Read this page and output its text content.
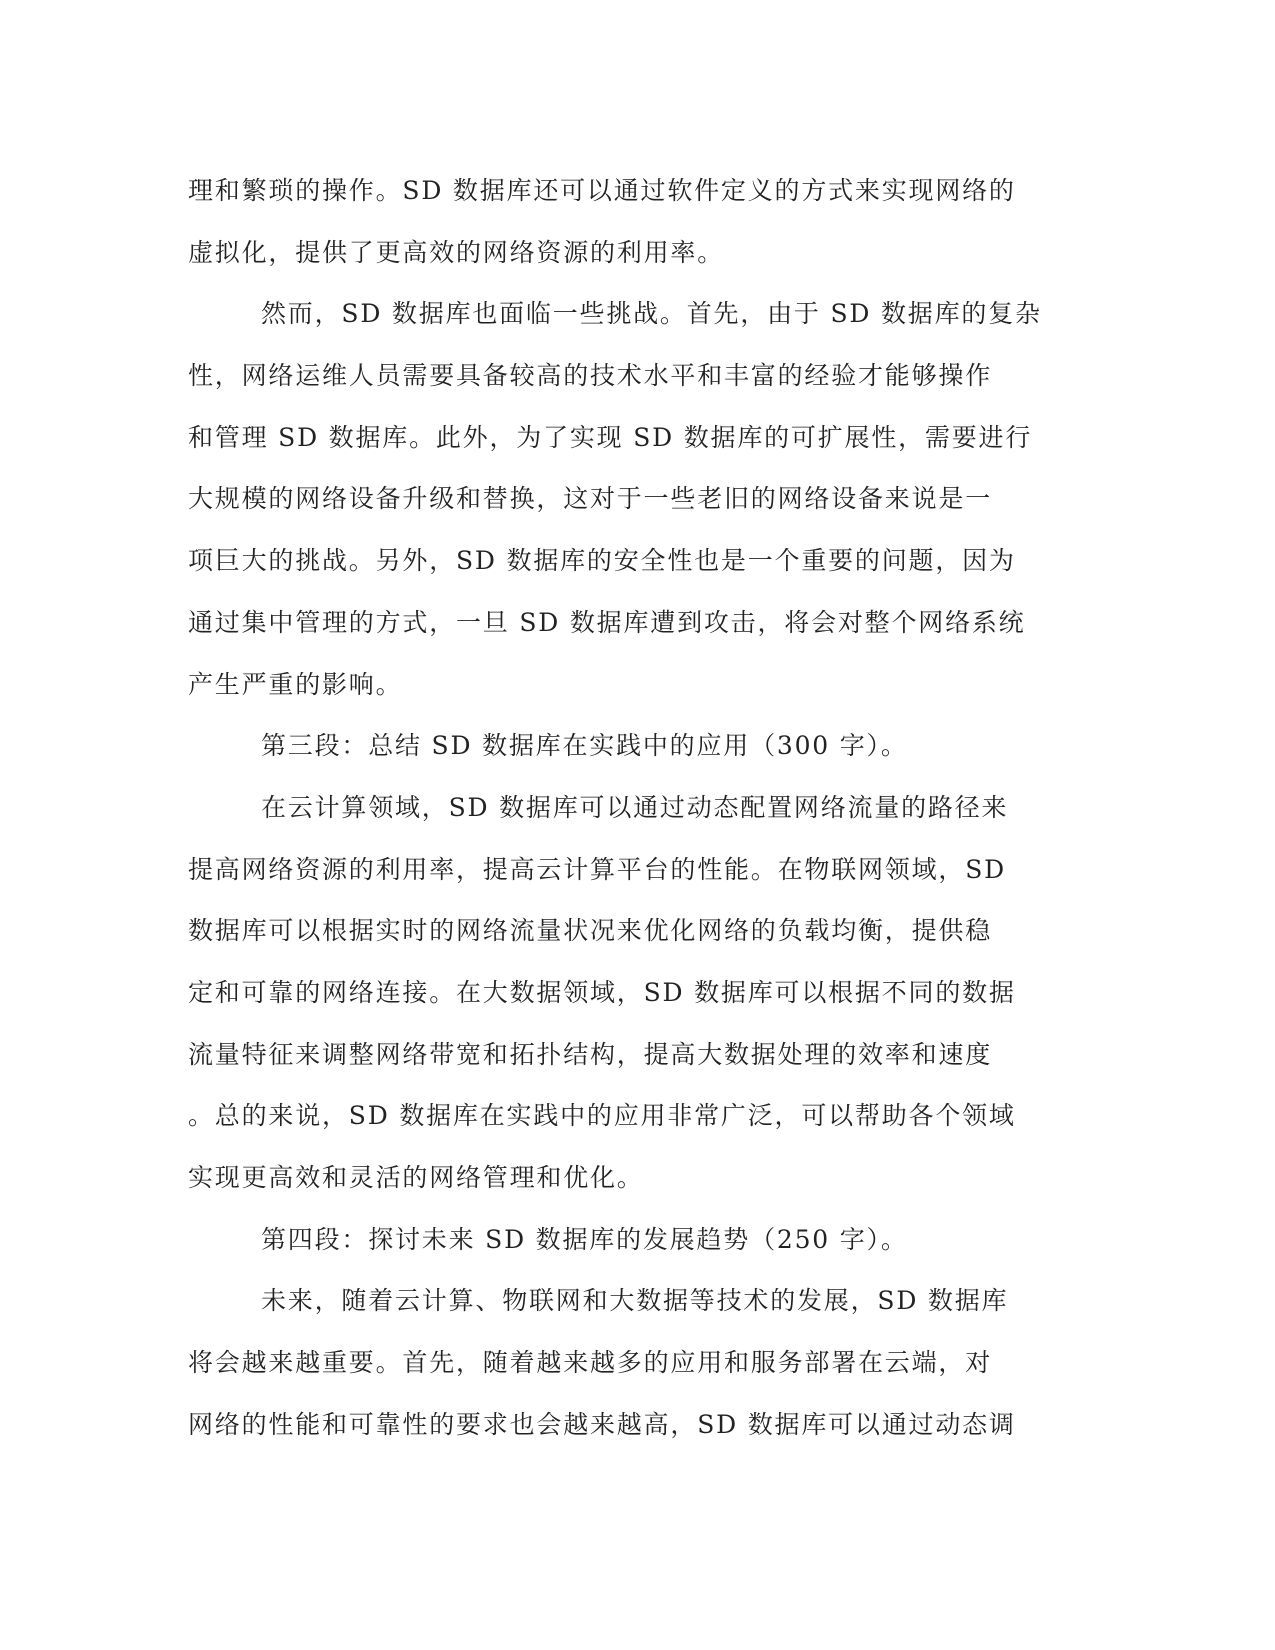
理和繁琐的操作。SD 数据库还可以通过软件定义的方式来实现网络的
虚拟化，提供了更高效的网络资源的利用率。
然而，SD 数据库也面临一些挑战。首先，由于 SD 数据库的复杂
性，网络运维人员需要具备较高的技术水平和丰富的经验才能够操作
和管理 SD 数据库。此外，为了实现 SD 数据库的可扩展性，需要进行
大规模的网络设备升级和替换，这对于一些老旧的网络设备来说是一
项巨大的挑战。另外，SD 数据库的安全性也是一个重要的问题，因为
通过集中管理的方式，一旦 SD 数据库遭到攻击，将会对整个网络系统
产生严重的影响。
第三段：总结 SD 数据库在实践中的应用（300 字）。
在云计算领域，SD 数据库可以通过动态配置网络流量的路径来
提高网络资源的利用率，提高云计算平台的性能。在物联网领域，SD
数据库可以根据实时的网络流量状况来优化网络的负载均衡，提供稳
定和可靠的网络连接。在大数据领域，SD 数据库可以根据不同的数据
流量特征来调整网络带宽和拓扑结构，提高大数据处理的效率和速度
。总的来说，SD 数据库在实践中的应用非常广泛，可以帮助各个领域
实现更高效和灵活的网络管理和优化。
第四段：探讨未来 SD 数据库的发展趋势（250 字）。
未来，随着云计算、物联网和大数据等技术的发展，SD 数据库
将会越来越重要。首先，随着越来越多的应用和服务部署在云端，对
网络的性能和可靠性的要求也会越来越高，SD 数据库可以通过动态调
